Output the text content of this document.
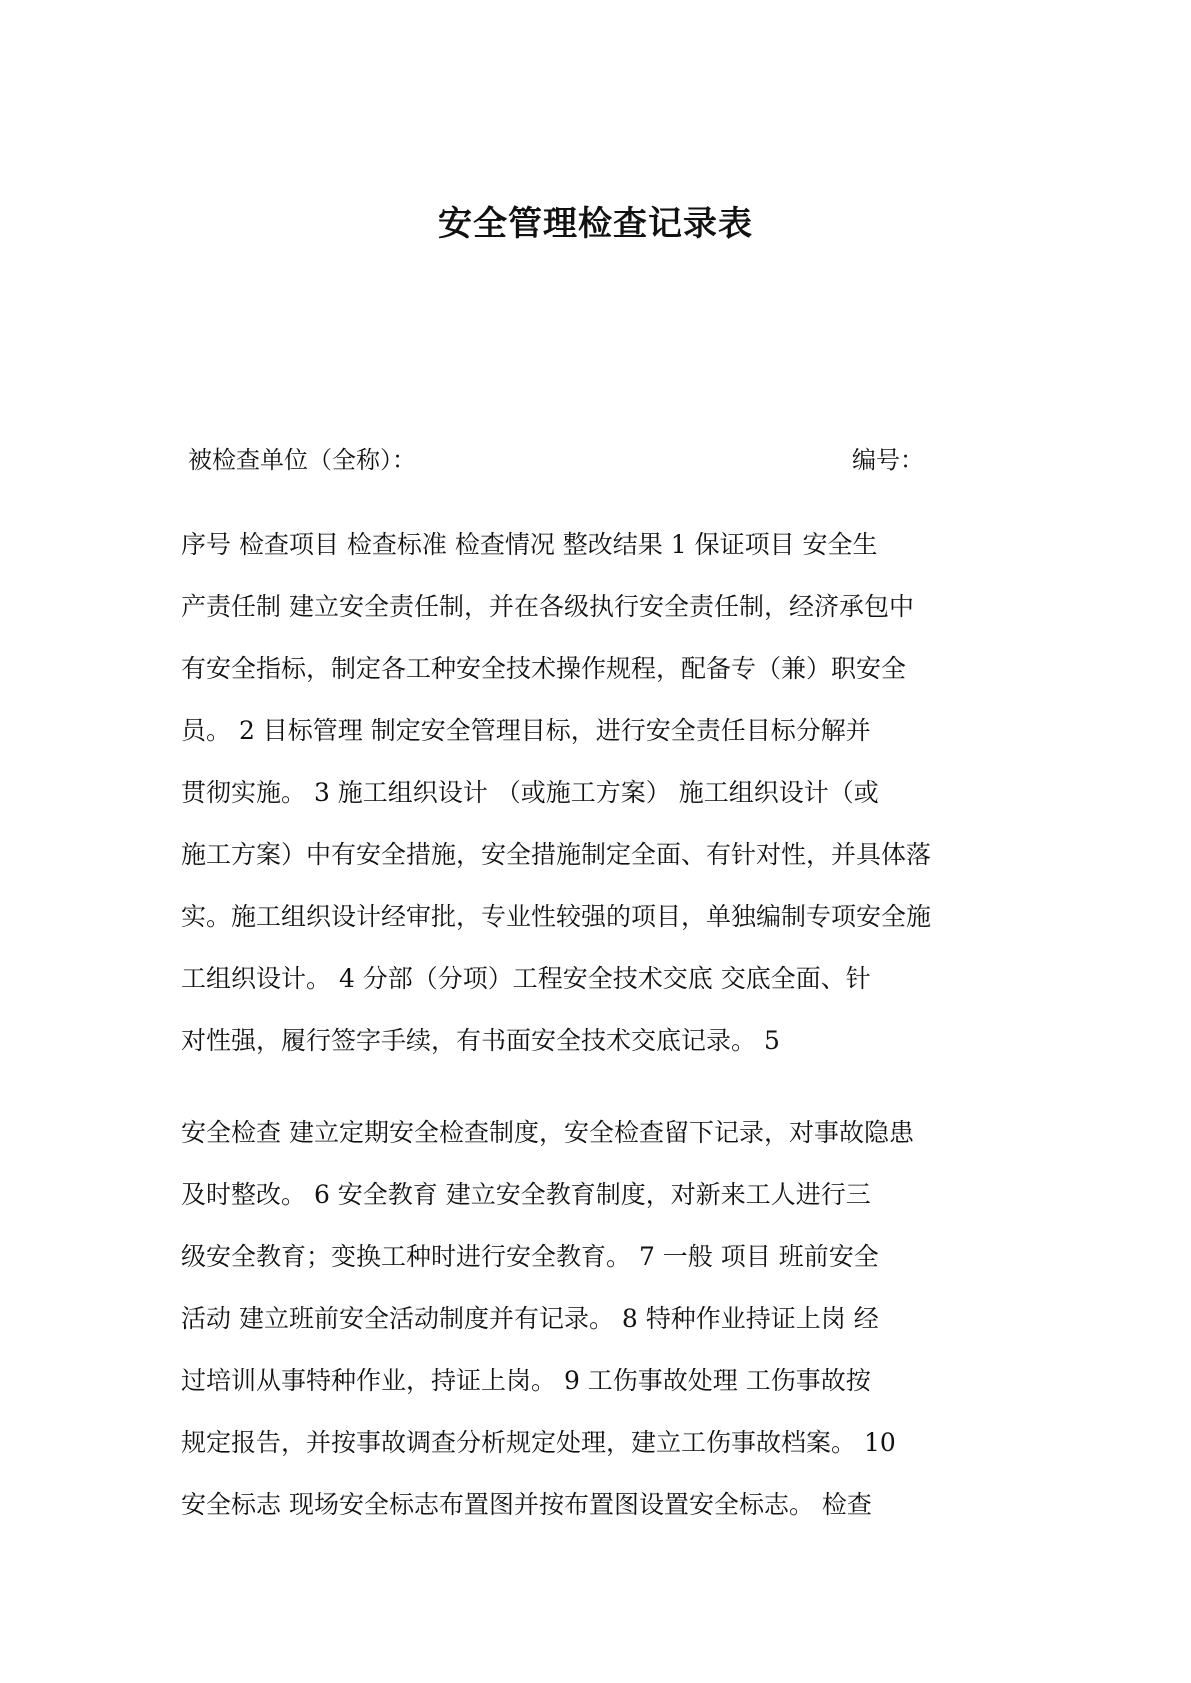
安全管理检查记录表
被检查单位（全称）：	编号：
序号 检查项目 检查标准 检查情况 整改结果 1 保证项目 安全生
产责任制 建立安全责任制，并在各级执行安全责任制，经济承包中
有安全指标，制定各工种安全技术操作规程，配备专（兼）职安全
员。 2 目标管理 制定安全管理目标，进行安全责任目标分解并
贯彻实施。 3 施工组织设计 （或施工方案） 施工组织设计（或
施工方案）中有安全措施，安全措施制定全面、有针对性，并具体落
实。施工组织设计经审批，专业性较强的项目，单独编制专项安全施
工组织设计。 4 分部（分项）工程安全技术交底 交底全面、针
对性强，履行签字手续，有书面安全技术交底记录。 5
安全检查 建立定期安全检查制度，安全检查留下记录，对事故隐患
及时整改。 6 安全教育 建立安全教育制度，对新来工人进行三
级安全教育；变换工种时进行安全教育。 7 一般 项目 班前安全
活动 建立班前安全活动制度并有记录。 8 特种作业持证上岗 经
过培训从事特种作业，持证上岗。 9 工伤事故处理 工伤事故按
规定报告，并按事故调查分析规定处理，建立工伤事故档案。 10
安全标志 现场安全标志布置图并按布置图设置安全标志。 检查
